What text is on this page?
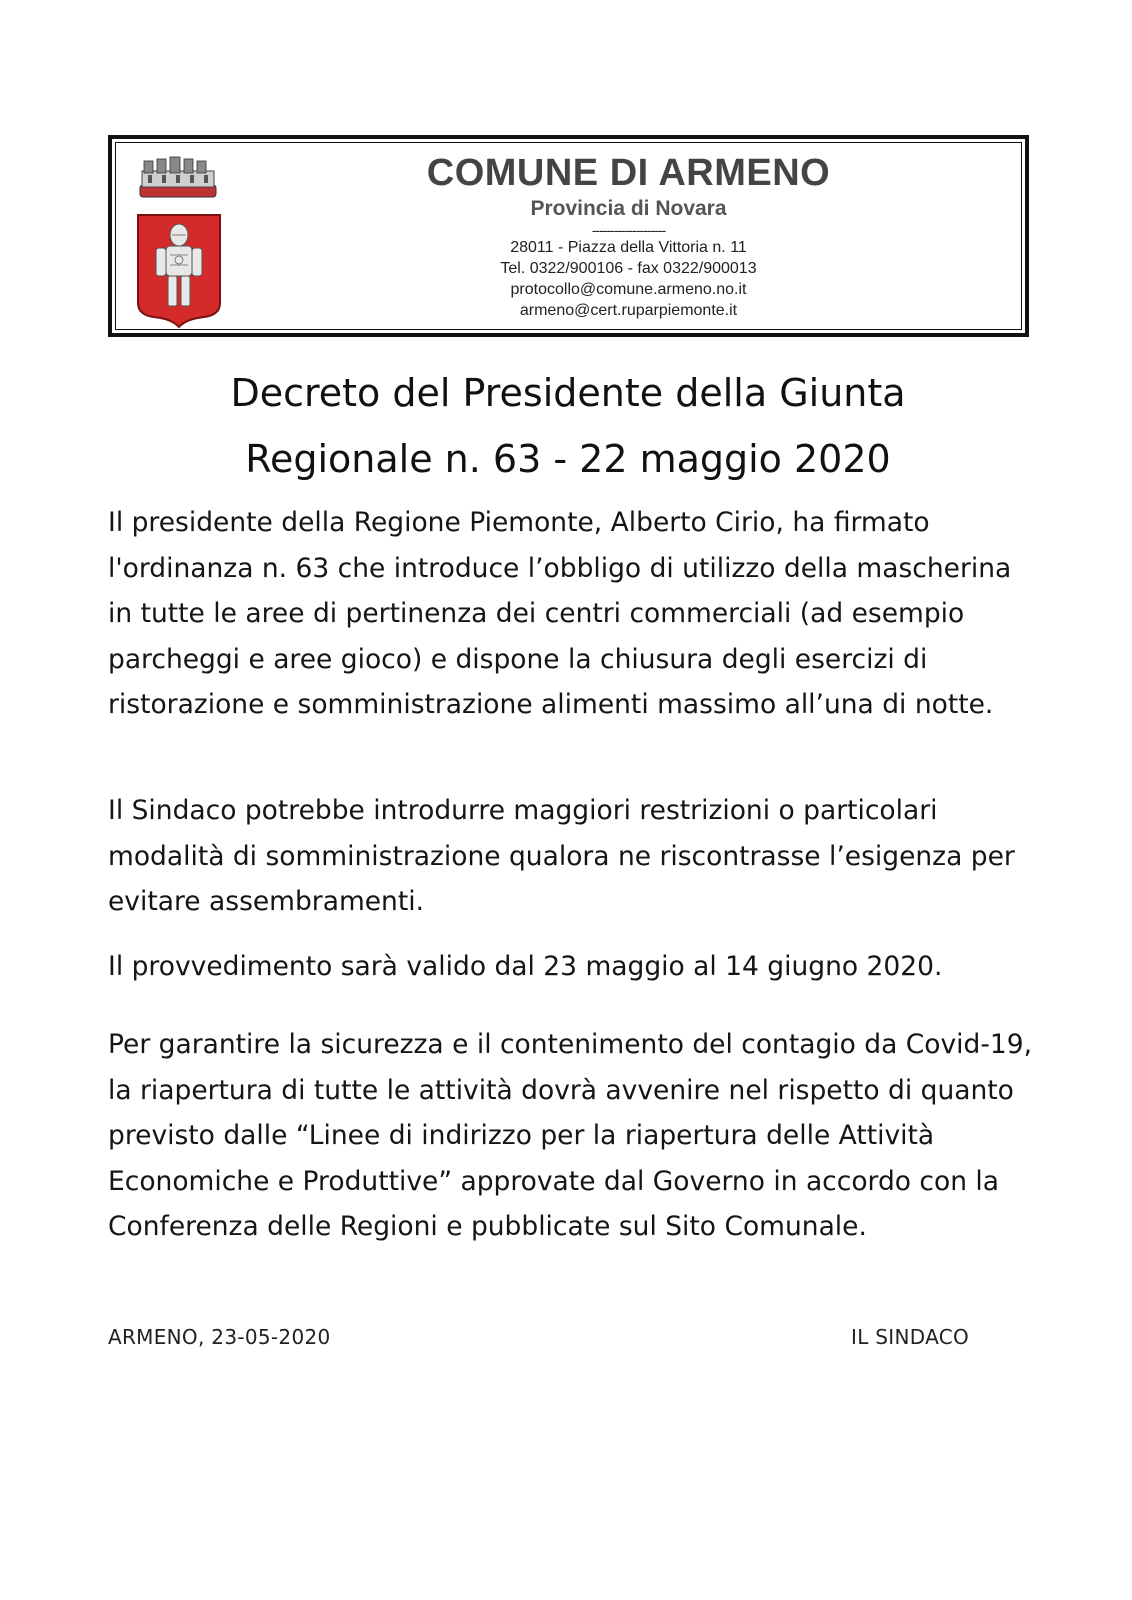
COMUNE DI ARMENO
Provincia di Novara
--------------------
28011 - Piazza della Vittoria n. 11
Tel. 0322/900106 - fax 0322/900013
protocollo@comune.armeno.no.it
armeno@cert.ruparpiemonte.it
Decreto del Presidente della Giunta
Regionale n. 63 - 22 maggio 2020

Il presidente della Regione Piemonte, Alberto Cirio, ha firmato l'ordinanza n. 63 che introduce l’obbligo di utilizzo della mascherina in tutte le aree di pertinenza dei centri commerciali (ad esempio parcheggi e aree gioco) e dispone la chiusura degli esercizi di ristorazione e somministrazione alimenti massimo all’una di notte.

Il Sindaco potrebbe introdurre maggiori restrizioni o particolari modalità di somministrazione qualora ne riscontrasse l’esigenza per evitare assembramenti.

Il provvedimento sarà valido dal 23 maggio al 14 giugno 2020.

Per garantire la sicurezza e il contenimento del contagio da Covid-19, la riapertura di tutte le attività dovrà avvenire nel rispetto di quanto previsto dalle “Linee di indirizzo per la riapertura delle Attività Economiche e Produttive” approvate dal Governo in accordo con la Conferenza delle Regioni e pubblicate sul Sito Comunale.

ARMENO, 23-05-2020	IL SINDACO
